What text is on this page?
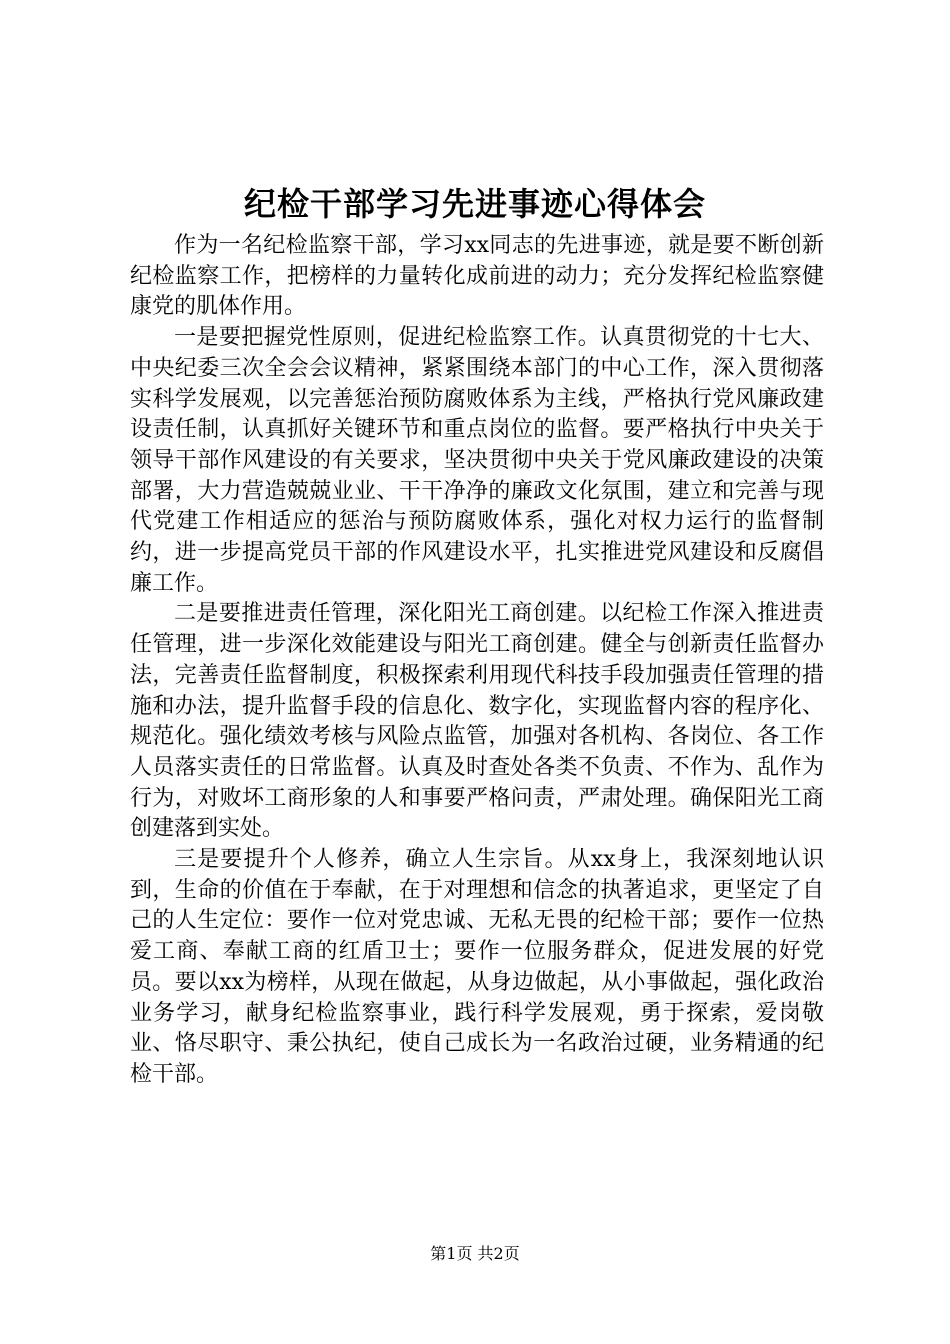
纪检干部学习先进事迹心得体会

作为一名纪检监察干部，学习xx同志的先进事迹，就是要不断创新纪检监察工作，把榜样的力量转化成前进的动力；充分发挥纪检监察健康党的肌体作用。

一是要把握党性原则，促进纪检监察工作。认真贯彻党的十七大、中央纪委三次全会会议精神，紧紧围绕本部门的中心工作，深入贯彻落实科学发展观，以完善惩治预防腐败体系为主线，严格执行党风廉政建设责任制，认真抓好关键环节和重点岗位的监督。要严格执行中央关于领导干部作风建设的有关要求，坚决贯彻中央关于党风廉政建设的决策部署，大力营造兢兢业业、干干净净的廉政文化氛围，建立和完善与现代党建工作相适应的惩治与预防腐败体系，强化对权力运行的监督制约，进一步提高党员干部的作风建设水平，扎实推进党风建设和反腐倡廉工作。

二是要推进责任管理，深化阳光工商创建。以纪检工作深入推进责任管理，进一步深化效能建设与阳光工商创建。健全与创新责任监督办法，完善责任监督制度，积极探索利用现代科技手段加强责任管理的措施和办法，提升监督手段的信息化、数字化，实现监督内容的程序化、规范化。强化绩效考核与风险点监管，加强对各机构、各岗位、各工作人员落实责任的日常监督。认真及时查处各类不负责、不作为、乱作为行为，对败坏工商形象的人和事要严格问责，严肃处理。确保阳光工商创建落到实处。

三是要提升个人修养，确立人生宗旨。从xx身上，我深刻地认识到，生命的价值在于奉献，在于对理想和信念的执著追求，更坚定了自己的人生定位：要作一位对党忠诚、无私无畏的纪检干部；要作一位热爱工商、奉献工商的红盾卫士；要作一位服务群众，促进发展的好党员。要以xx为榜样，从现在做起，从身边做起，从小事做起，强化政治业务学习，献身纪检监察事业，践行科学发展观，勇于探索，爱岗敬业、恪尽职守、秉公执纪，使自己成长为一名政治过硬，业务精通的纪检干部。

第1页 共2页
